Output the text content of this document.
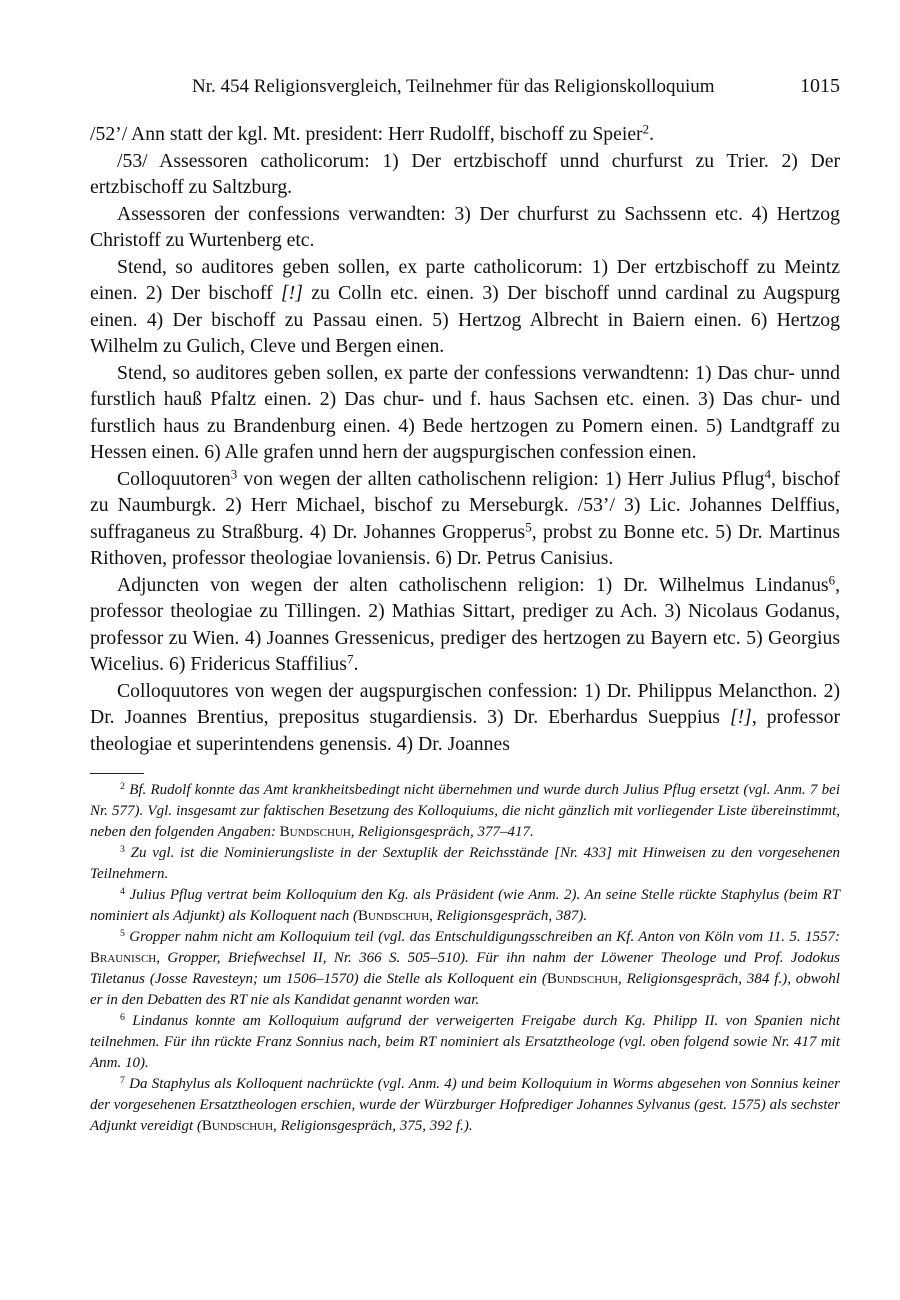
Nr. 454 Religionsvergleich, Teilnehmer für das Religionskolloquium	1015

/52’/ Ann statt der kgl. Mt. president: Herr Rudolff, bischoff zu Speier$^2$.

/53/ Assessoren catholicorum: 1) Der ertzbischoff unnd churfurst zu Trier. 2) Der ertzbischoff zu Saltzburg.

Assessoren der confessions verwandten: 3) Der churfurst zu Sachssenn etc. 4) Hertzog Christoff zu Wurtenberg etc.

Stend, so auditores geben sollen, ex parte catholicorum: 1) Der ertzbischoff zu Meintz einen. 2) Der bischoff [!] zu Colln etc. einen. 3) Der bischoff unnd cardinal zu Augspurg einen. 4) Der bischoff zu Passau einen. 5) Hertzog Albrecht in Baiern einen. 6) Hertzog Wilhelm zu Gulich, Cleve und Bergen einen.

Stend, so auditores geben sollen, ex parte der confessions verwandtenn: 1) Das chur- unnd furstlich hauß Pfaltz einen. 2) Das chur- und f. haus Sachsen etc. einen. 3) Das chur- und furstlich haus zu Brandenburg einen. 4) Bede hertzogen zu Pomern einen. 5) Landtgraff zu Hessen einen. 6) Alle grafen unnd hern der augspurgischen confession einen.

Colloquutoren$^3$ von wegen der allten catholischenn religion: 1) Herr Julius Pflug$^4$, bischof zu Naumburgk. 2) Herr Michael, bischof zu Merseburgk. /53’/ 3) Lic. Johannes Delffius, suffraganeus zu Straßburg. 4) Dr. Johannes Gropperus$^5$, probst zu Bonne etc. 5) Dr. Martinus Rithoven, professor theologiae lovaniensis. 6) Dr. Petrus Canisius.

Adjuncten von wegen der alten catholischenn religion: 1) Dr. Wilhelmus Lindanus$^6$, professor theologiae zu Tillingen. 2) Mathias Sittart, prediger zu Ach. 3) Nicolaus Godanus, professor zu Wien. 4) Joannes Gressenicus, prediger des hertzogen zu Bayern etc. 5) Georgius Wicelius. 6) Fridericus Staffilius$^7$.

Colloquutores von wegen der augspurgischen confession: 1) Dr. Philippus Melancthon. 2) Dr. Joannes Brentius, prepositus stugardiensis. 3) Dr. Eberhardus Sueppius [!], professor theologiae et superintendens genensis. 4) Dr. Joannes

$^2$ Bf. Rudolf konnte das Amt krankheitsbedingt nicht übernehmen und wurde durch Julius Pflug ersetzt (vgl. Anm. 7 bei Nr. 577). Vgl. insgesamt zur faktischen Besetzung des Kolloquiums, die nicht gänzlich mit vorliegender Liste übereinstimmt, neben den folgenden Angaben: Bundschuh, Religionsgespräch, 377–417.

$^3$ Zu vgl. ist die Nominierungsliste in der Sextuplik der Reichsstände [Nr. 433] mit Hinweisen zu den vorgesehenen Teilnehmern.

$^4$ Julius Pflug vertrat beim Kolloquium den Kg. als Präsident (wie Anm. 2). An seine Stelle rückte Staphylus (beim RT nominiert als Adjunkt) als Kolloquent nach (Bundschuh, Religionsgespräch, 387).

$^5$ Gropper nahm nicht am Kolloquium teil (vgl. das Entschuldigungsschreiben an Kf. Anton von Köln vom 11. 5. 1557: Braunisch, Gropper, Briefwechsel II, Nr. 366 S. 505–510). Für ihn nahm der Löwener Theologe und Prof. Jodokus Tiletanus (Josse Ravesteyn; um 1506–1570) die Stelle als Kolloquent ein (Bundschuh, Religionsgespräch, 384 f.), obwohl er in den Debatten des RT nie als Kandidat genannt worden war.

$^6$ Lindanus konnte am Kolloquium aufgrund der verweigerten Freigabe durch Kg. Philipp II. von Spanien nicht teilnehmen. Für ihn rückte Franz Sonnius nach, beim RT nominiert als Ersatztheologe (vgl. oben folgend sowie Nr. 417 mit Anm. 10).

$^7$ Da Staphylus als Kolloquent nachrückte (vgl. Anm. 4) und beim Kolloquium in Worms abgesehen von Sonnius keiner der vorgesehenen Ersatztheologen erschien, wurde der Würzburger Hofprediger Johannes Sylvanus (gest. 1575) als sechster Adjunkt vereidigt (Bundschuh, Religionsgespräch, 375, 392 f.).
